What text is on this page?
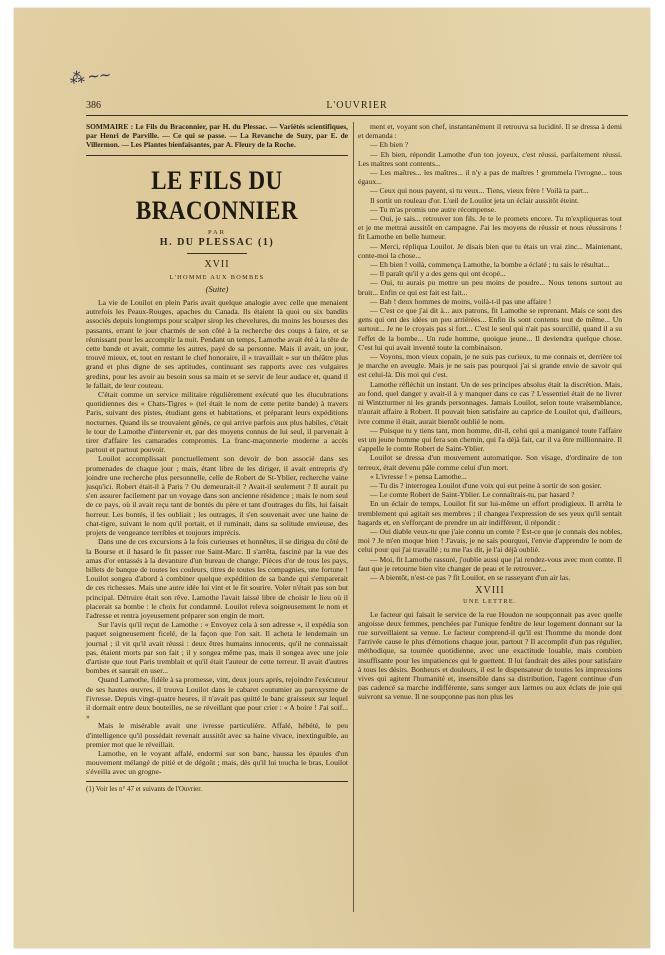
⁂ ~~
386	L'OUVRIER
SOMMAIRE : Le Fils du Braconnier, par H. du Plessac. — Variétés scientifiques, par Henri de Parville. — Ce qui se passe. — La Revanche de Suzy, par E. de Villermon. — Les Plantes bienfaisantes, par A. Fleury de la Roche.
LE FILS DU BRACONNIER
PAR
H. DU PLESSAC (1)
XVII
L'HOMME AUX BOMBES
(Suite)

La vie de Louilot en plein Paris avait quelque analogie avec celle que menaient autrefois les Peaux-Rouges, apaches du Canada. Ils étaient là quoi ou six bandits associés depuis longtemps pour scalper sirop les chevelures, du moins les bourses des passants, errant le jour charmés de son côté à la recherche des coups à faire, et se réunissant pour les accomplir la nuit. Pendant un temps, Lamothe avait été à la tête de cette bande et avait, comme les autres, payé de sa personne. Mais il avait, un jour, trouvé mieux, et, tout en restant le chef honoraire, il « travaillait » sur un théâtre plus grand et plus digne de ses aptitudes, continuant ses rapports avec ces vulgaires gredins, pour les avoir au besoin sous sa main et se servir de leur audace et, quand il le fallait, de leur couteau.

C'était comme un service militaire régulièrement exécuté que les élucubrations quotidiennes des « Chats-Tigres » (tel était le nom de cette petite bande) à travers Paris, suivant des pistes, étudiant gens et habitations, et préparant leurs expéditions nocturnes. Quand ils se trouvaient gênés, ce qui arrive parfois aux plus habiles, c'était le tour de Lamothe d'intervenir et, par des moyens connus de lui seul, il parvenait à tirer d'affaire les camarades compromis. La franc-maçonnerie moderne a accès partout et partout pouvoir.

Louilot accomplissait ponctuellement son devoir de bon associé dans ses promenades de chaque jour ; mais, étant libre de les diriger, il avait entrepris d'y joindre une recherche plus personnelle, celle de Robert de St-Yblier, recherche vaine jusqu'ici. Robert était-il à Paris ? Ou demeurait-il ? Avait-il seulement ? Il aurait pu s'en assurer facilement par un voyage dans son ancienne résidence ; mais le nom seul de ce pays, où il avait reçu tant de bontés du père et tant d'outrages du fils, lui faisait horreur. Les bontés, il les oubliait ; les outrages, il s'en souvenait avec une haine de chat-tigre, suivant le nom qu'il portait, et il ruminait, dans sa solitude envieuse, des projets de vengeance terribles et toujours imprécis.

Dans une de ces excursions à la fois curieuses et honnêtes, il se dirigea du côté de la Bourse et il hasard le fit passer rue Saint-Marc. Il s'arrêta, fasciné par la vue des amas d'or entassés à la devanture d'un bureau de change. Pièces d'or de tous les pays, billets de banque de toutes les couleurs, titres de toutes les compagnies, une fortune ! Louilot songea d'abord à combiner quelque expédition de sa bande qui s'emparerait de ces richesses. Mais une autre idée lui vint et le fit sourire. Voler n'était pas son but principal. Détruire était son rêve. Lamothe l'avait laissé libre de choisir le lieu où il placerait sa bombe : le choix fut condamné. Louilot releva soigneusement le nom et l'adresse et rentra joyeusement préparer son engin de mort.

Sur l'avis qu'il reçut de Lamothe : « Envoyez cela à son adresse », il expédia son paquet soigneusement ficelé, de la façon que l'on sait. Il acheta le lendemain un journal ; il vit qu'il avait réussi : deux êtres humains innocents, qu'il ne connaissait pas, étaient morts par son fait ; il y songea même pas, mais il songea avec une joie d'artiste que tout Paris tremblait et qu'il était l'auteur de cette terreur. Il avait d'autres bombes et saurait en user...

Quand Lamothe, fidèle à sa promesse, vint, deux jours après, rejoindre l'exécuteur de ses hautes œuvres, il trouva Louilot dans le cabaret coutumier au paroxysme de l'ivresse. Depuis vingt-quatre heures, il n'avait pas quitté le banc graisseux sur lequel il dormait entre deux bouteilles, ne se réveillant que pour crier : « A boire ! J'ai soif... »

Mais le misérable avait une ivresse particulière. Affalé, hébété, le peu d'intelligence qu'il possédait revenait aussitôt avec sa haine vivace, inextinguible, au premier mot que le réveillait.

Lamothe, en le voyant affalé, endormi sur son banc, haussa les épaules d'un mouvement mélangé de pitié et de dégoût ; mais, dès qu'il lui toucha le bras, Louilot s'éveilla avec un grogne-

(1) Voir les n° 47 et suivants de l'Ouvrier.

ment et, voyant son chef, instantanément il retrouva sa lucidité. Il se dressa à demi et demanda :

— Eh bien ?

— Eh bien, répondit Lamothe d'un ton joyeux, c'est réussi, parfaitement réussi. Les maîtres sont contents...

— Les maîtres... les maîtres... il n'y a pas de maîtres ! grommela l'ivrogne... tous égaux...

— Ceux qui nous payent, si tu veux... Tiens, vieux frère ! Voilà ta part...

Il sortit un rouleau d'or. L'œil de Louilot jeta un éclair aussitôt éteint.

— Tu m'as promis une autre récompense.

— Oui, je sais... retrouver ton fils. Je te le promets encore. Tu m'expliqueras tout et je me mettrai aussitôt en campagne. J'ai les moyens de réussir et nous réussirons ! fit Lamothe en belle humeur.

— Merci, répliqua Louilot. Je disais bien que tu étais un vrai zinc... Maintenant, conte-moi la chose...

— Eh bien ! voilà, commença Lamothe, la bombe a éclaté ; tu sais le résultat...

— Il paraît qu'il y a des gens qui ont écopé...

— Oui, tu aurais pu mettre un peu moins de poudre... Nous tenons surtout au bruit... Enfin ce qui est fait est fait...

— Bah ! deux hommes de moins, voilà-t-il pas une affaire !

— C'est ce que j'ai dit à... aux patrons, fit Lamothe se reprenant. Mais ce sont des gens qui ont des idées un peu arriérées... Enfin ils sont contents tout de même... Un surtout... Je ne le croyais pas si fort... C'est le seul qui n'ait pas sourcillé, quand il a su l'effet de la bombe... Un rude homme, quoique jeune... Il deviendra quelque chose. C'est lui qui avait inventé toute la combinaison.

— Voyons, mon vieux copain, je ne suis pas curieux, tu me connais et, derrière toi je marche en aveugle. Mais je ne sais pas pourquoi j'ai si grande envie de savoir qui est celui-là. Dis moi qui c'est.

Lamothe réfléchit un instant. Un de ses principes absolus était la discrétion. Mais, au fond, quel danger y avait-il à y manquer dans ce cas ? L'essentiel était de ne livrer ni Wintzturmer ni les grands personnages. Jamais Louilot, selon toute vraisemblance, n'aurait affaire à Robert. Il pouvait bien satisfaire au caprice de Louilot qui, d'ailleurs, ivre comme il était, aurait bientôt oublié le nom.

— Puisque tu y tiens tant, mon homme, dit-il, celui qui a manigancé toute l'affaire est un jeune homme qui fera son chemin, qui l'a déjà fait, car il va être millionnaire. Il s'appelle le comte Robert de Saint-Yblier.

Louilot se dressa d'un mouvement automatique. Son visage, d'ordinaire de ton terreux, était devenu pâle comme celui d'un mort.

« L'ivresse ! » pensa Lamothe...

— Tu dis ? interrogea Louilot d'une voix qui eut peine à sortir de son gosier.

— Le comte Robert de Saint-Yblier. Le connaîtrais-tu, par hasard ?

En un éclair de temps, Louilot fit sur lui-même un effort prodigieux. Il arrêta le tremblement qui agitait ses membres ; il changea l'expression de ses yeux qu'il sentait hagards et, en s'efforçant de prendre un air indifférent, il répondit :

— Oui diable veux-tu que j'aie connu un comte ? Est-ce que je connais des nobles, moi ? Je m'en moque bien ! J'avais, je ne sais pourquoi, l'envie d'apprendre le nom de celui pour qui j'ai travaillé ; tu me l'as dit, je l'ai déjà oublié.

— Moi, fit Lamothe rassuré, j'oublie aussi que j'ai rendez-vous avec mon comte. Il faut que je retourne bien vite changer de peau et le retrouver...

— A bientôt, n'est-ce pas ? fit Louilot, en se rasseyant d'un air las.

XVIII
UNE LETTRE.

Le facteur qui faisait le service de la rue Houdon ne soupçonnait pas avec quelle angoisse deux femmes, penchées par l'unique fenêtre de leur logement donnant sur la rue surveillaient sa venue. Le facteur comprend-il qu'il est l'homme du monde dont l'arrivée cause le plus d'émotions chaque jour, partout ? Il accomplit d'un pas régulier, méthodique, sa tournée quotidienne, avec une exactitude louable, mais combien insuffisante pour les impatiences qui le guettent. Il lui faudrait des ailes pour satisfaire à tous les désirs. Bonheurs et douleurs, il est le dispensateur de toutes les impressions vives qui agitent l'humanité et, insensible dans sa distribution, l'agent continue d'un pas cadencé sa marche indifférente, sans songer aux larmes ou aux éclats de joie qui suivront sa venue. Il ne soupçonne pas non plus les
